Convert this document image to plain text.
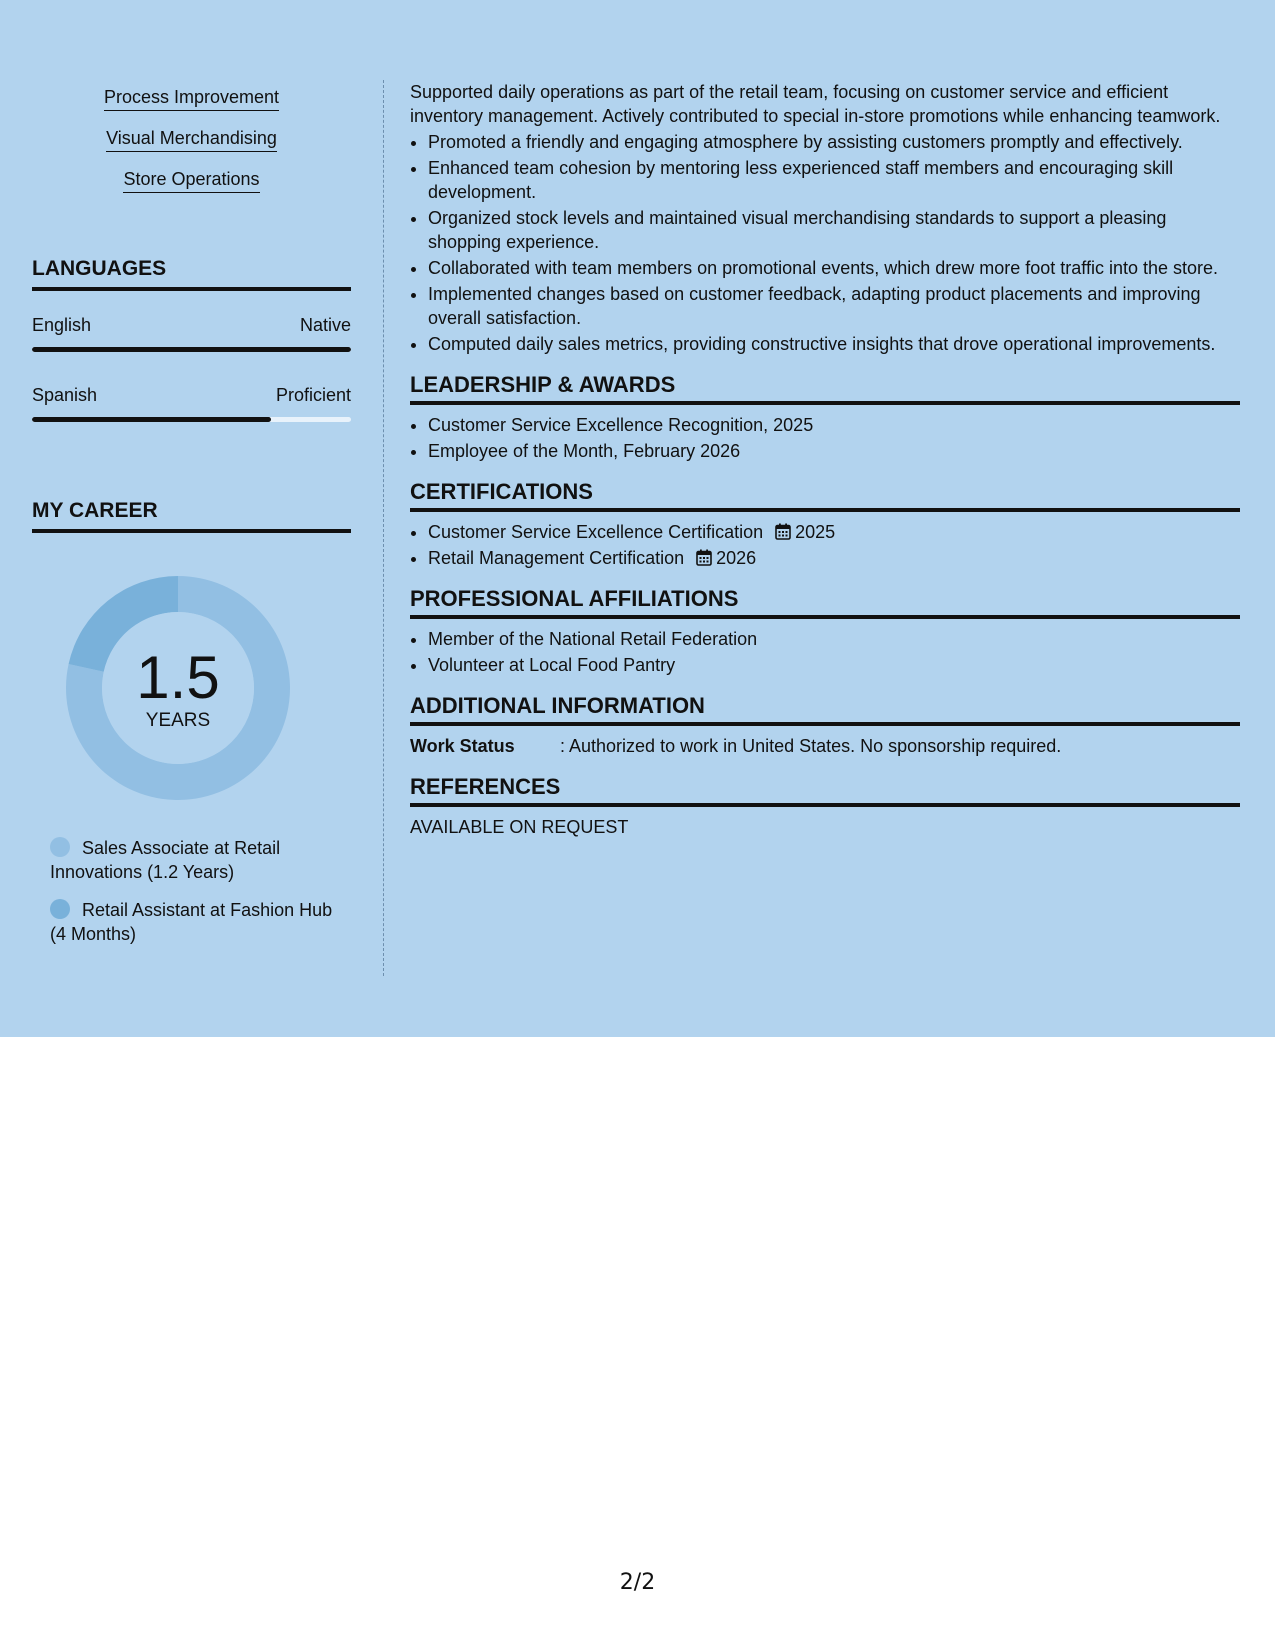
Process Improvement
Visual Merchandising
Store Operations
LANGUAGES
English	Native
Spanish	Proficient
MY CAREER
1.5
YEARS
Sales Associate at Retail Innovations (1.2 Years)
Retail Assistant at Fashion Hub (4 Months)

Supported daily operations as part of the retail team, focusing on customer service and efficient inventory management. Actively contributed to special in-store promotions while enhancing teamwork.

• Promoted a friendly and engaging atmosphere by assisting customers promptly and effectively.
• Enhanced team cohesion by mentoring less experienced staff members and encouraging skill development.
• Organized stock levels and maintained visual merchandising standards to support a pleasing shopping experience.
• Collaborated with team members on promotional events, which drew more foot traffic into the store.
• Implemented changes based on customer feedback, adapting product placements and improving overall satisfaction.
• Computed daily sales metrics, providing constructive insights that drove operational improvements.
LEADERSHIP & AWARDS
• Customer Service Excellence Recognition, 2025
• Employee of the Month, February 2026
CERTIFICATIONS
• Customer Service Excellence Certification 2025
• Retail Management Certification 2026
PROFESSIONAL AFFILIATIONS
• Member of the National Retail Federation
• Volunteer at Local Food Pantry
ADDITIONAL INFORMATION
Work Status	: Authorized to work in United States. No sponsorship required.
REFERENCES
AVAILABLE ON REQUEST
2/2
